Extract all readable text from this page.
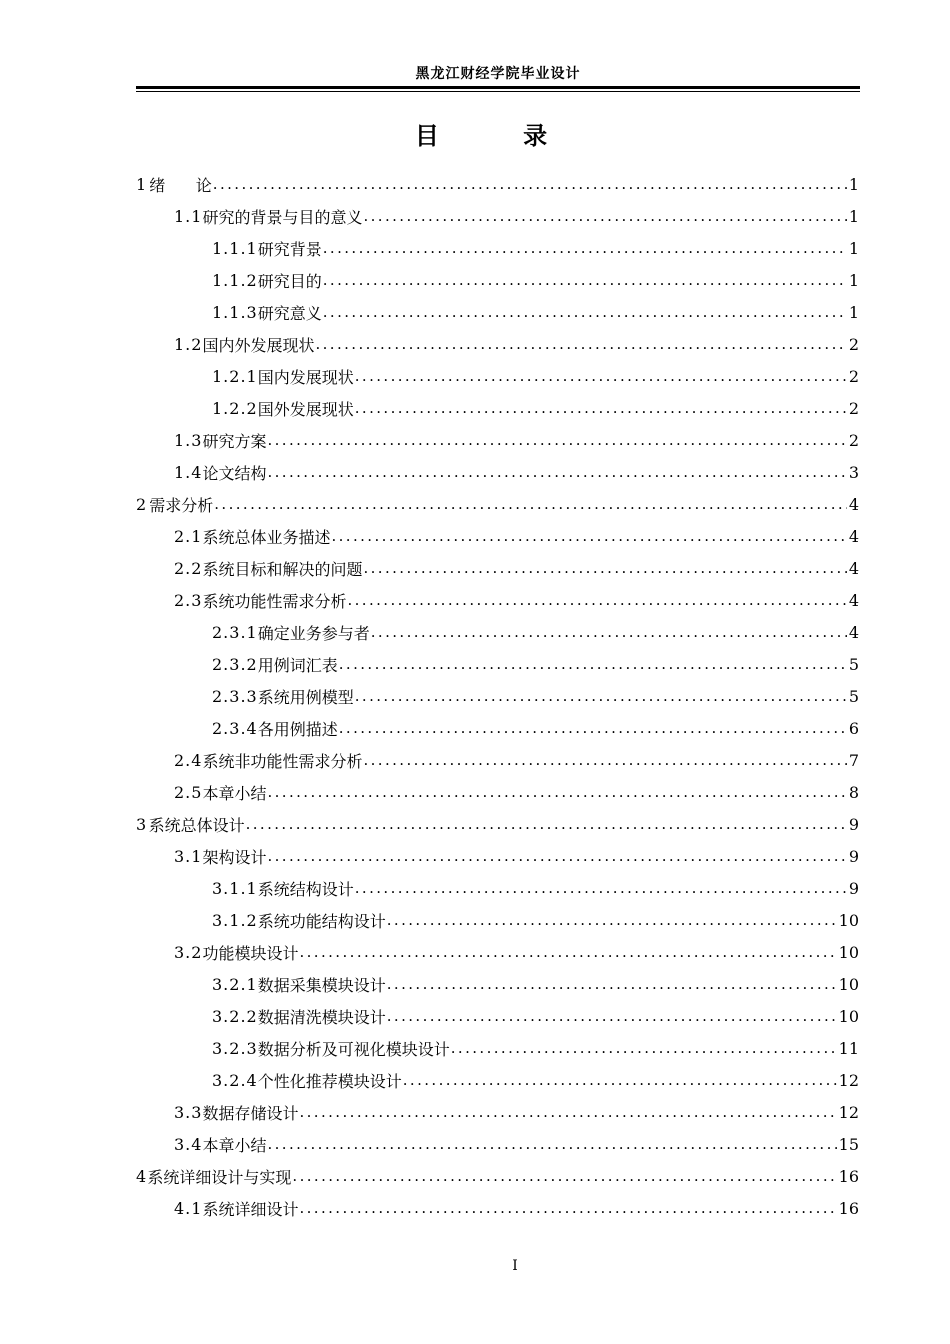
黑龙江财经学院毕业设计
目 录
1 绪      论 .....	1
1.1 研究的背景与目的意义 .....	1
1.1.1 研究背景 .....	1
1.1.2 研究目的 .....	1
1.1.3 研究意义 .....	1
1.2 国内外发展现状 .....	2
1.2.1 国内发展现状 .....	2
1.2.2 国外发展现状 .....	2
1.3 研究方案 .....	2
1.4 论文结构 .....	3
2 需求分析 .....	4
2.1 系统总体业务描述 .....	4
2.2 系统目标和解决的问题 .....	4
2.3 系统功能性需求分析 .....	4
2.3.1 确定业务参与者 .....	4
2.3.2 用例词汇表 .....	5
2.3.3 系统用例模型 .....	5
2.3.4 各用例描述 .....	6
2.4 系统非功能性需求分析 .....	7
2.5 本章小结 .....	8
3 系统总体设计 .....	9
3.1 架构设计 .....	9
3.1.1 系统结构设计 .....	9
3.1.2 系统功能结构设计 .....	10
3.2 功能模块设计 .....	10
3.2.1 数据采集模块设计 .....	10
3.2.2 数据清洗模块设计 .....	10
3.2.3 数据分析及可视化模块设计 .....	11
3.2.4 个性化推荐模块设计 .....	12
3.3 数据存储设计 .....	12
3.4 本章小结 .....	15
4 系统详细设计与实现 .....	16
4.1 系统详细设计 .....	16
I
